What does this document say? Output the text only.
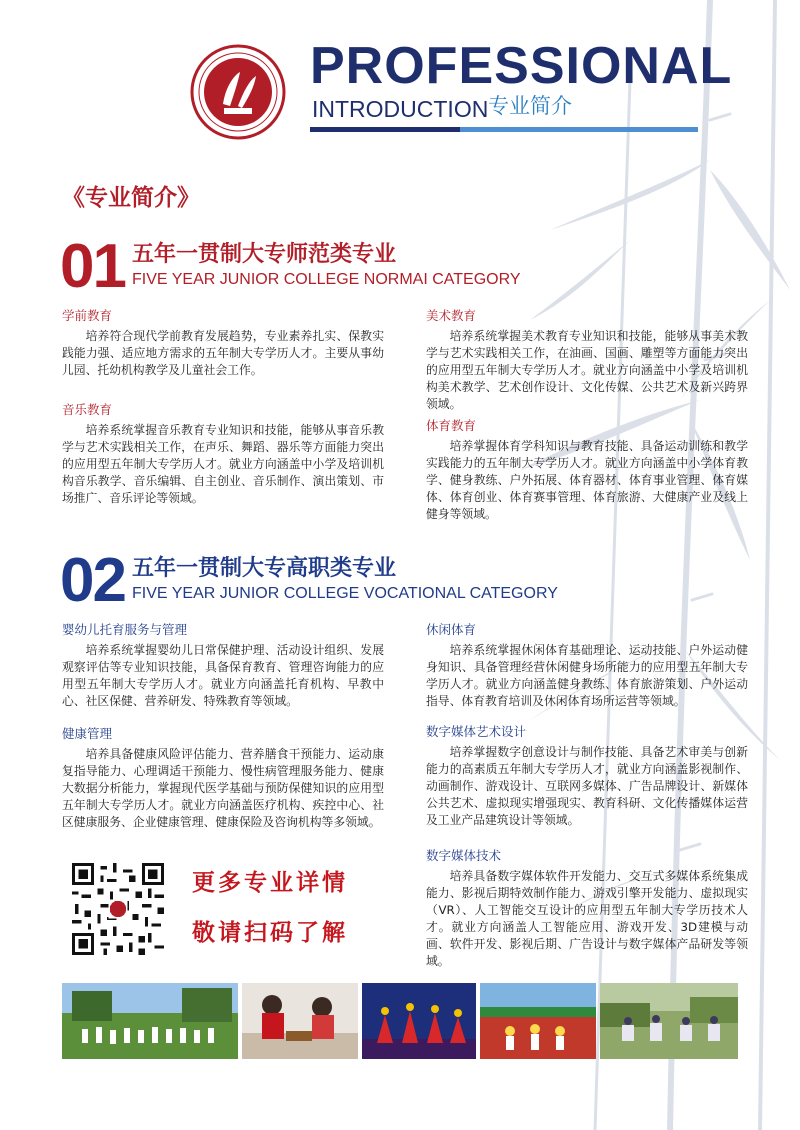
PROFESSIONAL
INTRODUCTION 专业简介
《专业简介》
01 五年一贯制大专师范类专业
FIVE YEAR JUNIOR COLLEGE NORMAI CATEGORY
学前教育

培养符合现代学前教育发展趋势，专业素养扎实、保教实践能力强、适应地方需求的五年制大专学历人才。主要从事幼儿园、托幼机构教学及儿童社会工作。

音乐教育

培养系统掌握音乐教育专业知识和技能，能够从事音乐教学与艺术实践相关工作，在声乐、舞蹈、器乐等方面能力突出的应用型五年制大专学历人才。就业方向涵盖中小学及培训机构音乐教学、音乐编辑、自主创业、音乐制作、演出策划、市场推广、音乐评论等领域。

美术教育

培养系统掌握美术教育专业知识和技能，能够从事美术教学与艺术实践相关工作，在油画、国画、雕塑等方面能力突出的应用型五年制大专学历人才。就业方向涵盖中小学及培训机构美术教学、艺术创作设计、文化传媒、公共艺术及新兴跨界领域。

体育教育

培养掌握体育学科知识与教育技能、具备运动训练和教学实践能力的五年制大专学历人才。就业方向涵盖中小学体育教学、健身教练、户外拓展、体育器材、体育事业管理、体育媒体、体育创业、体育赛事管理、体育旅游、大健康产业及线上健身等领域。

02 五年一贯制大专高职类专业
FIVE YEAR JUNIOR COLLEGE VOCATIONAL CATEGORY
婴幼儿托育服务与管理

培养系统掌握婴幼儿日常保健护理、活动设计组织、发展观察评估等专业知识技能，具备保育教育、管理咨询能力的应用型五年制大专学历人才。就业方向涵盖托育机构、早教中心、社区保健、营养研发、特殊教育等领域。

健康管理

培养具备健康风险评估能力、营养膳食干预能力、运动康复指导能力、心理调适干预能力、慢性病管理服务能力、健康大数据分析能力，掌握现代医学基础与预防保健知识的应用型五年制大专学历人才。就业方向涵盖医疗机构、疾控中心、社区健康服务、企业健康管理、健康保险及咨询机构等多领域。

休闲体育

培养系统掌握休闲体育基础理论、运动技能、户外运动健身知识、具备管理经营休闲健身场所能力的应用型五年制大专学历人才。就业方向涵盖健身教练、体育旅游策划、户外运动指导、体育教育培训及休闲体育场所运营等领域。

数字媒体艺术设计

培养掌握数字创意设计与制作技能、具备艺术审美与创新能力的高素质五年制大专学历人才，就业方向涵盖影视制作、动画制作、游戏设计、互联网多媒体、广告品牌设计、新媒体公共艺术、虚拟现实增强现实、教育科研、文化传播媒体运营及工业产品建筑设计等领域。

数字媒体技术

培养具备数字媒体软件开发能力、交互式多媒体系统集成能力、影视后期特效制作能力、游戏引擎开发能力、虚拟现实（VR）、人工智能交互设计的应用型五年制大专学历技术人才。就业方向涵盖人工智能应用、游戏开发、3D建模与动画、软件开发、影视后期、广告设计与数字媒体产品研发等领域。

更多专业详情
敬请扫码了解
